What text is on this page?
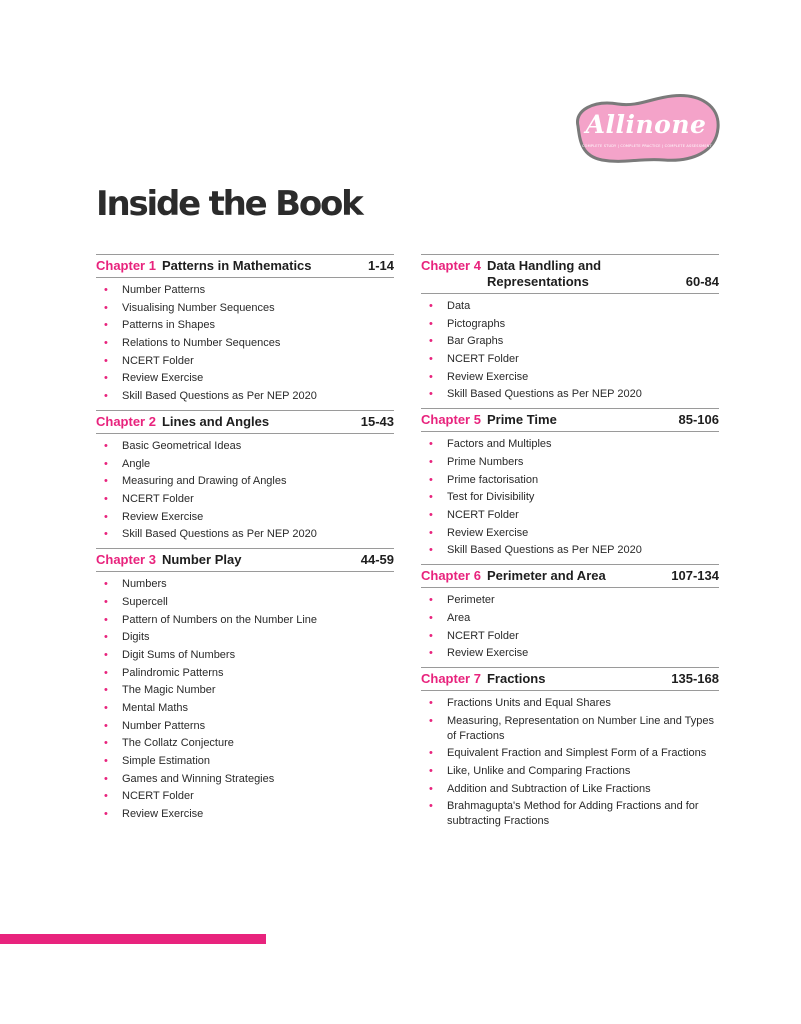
Allinone
COMPLETE STUDY | COMPLETE PRACTICE | COMPLETE ASSESSMENT
Inside the Book
Chapter 1 Patterns in Mathematics	1-14
• Number Patterns
• Visualising Number Sequences
• Patterns in Shapes
• Relations to Number Sequences
• NCERT Folder
• Review Exercise
• Skill Based Questions as Per NEP 2020
Chapter 2 Lines and Angles	15-43
• Basic Geometrical Ideas
• Angle
• Measuring and Drawing of Angles
• NCERT Folder
• Review Exercise
• Skill Based Questions as Per NEP 2020
Chapter 3 Number Play	44-59
• Numbers
• Supercell
• Pattern of Numbers on the Number Line
• Digits
• Digit Sums of Numbers
• Palindromic Patterns
• The Magic Number
• Mental Maths
• Number Patterns
• The Collatz Conjecture
• Simple Estimation
• Games and Winning Strategies
• NCERT Folder
• Review Exercise
Chapter 4 Data Handling and Representations	60-84
• Data
• Pictographs
• Bar Graphs
• NCERT Folder
• Review Exercise
• Skill Based Questions as Per NEP 2020
Chapter 5 Prime Time	85-106
• Factors and Multiples
• Prime Numbers
• Prime factorisation
• Test for Divisibility
• NCERT Folder
• Review Exercise
• Skill Based Questions as Per NEP 2020
Chapter 6 Perimeter and Area	107-134
• Perimeter
• Area
• NCERT Folder
• Review Exercise
Chapter 7 Fractions	135-168
• Fractions Units and Equal Shares
• Measuring, Representation on Number Line and Types of Fractions
• Equivalent Fraction and Simplest Form of a Fractions
• Like, Unlike and Comparing Fractions
• Addition and Subtraction of Like Fractions
• Brahmagupta's Method for Adding Fractions and for subtracting Fractions
